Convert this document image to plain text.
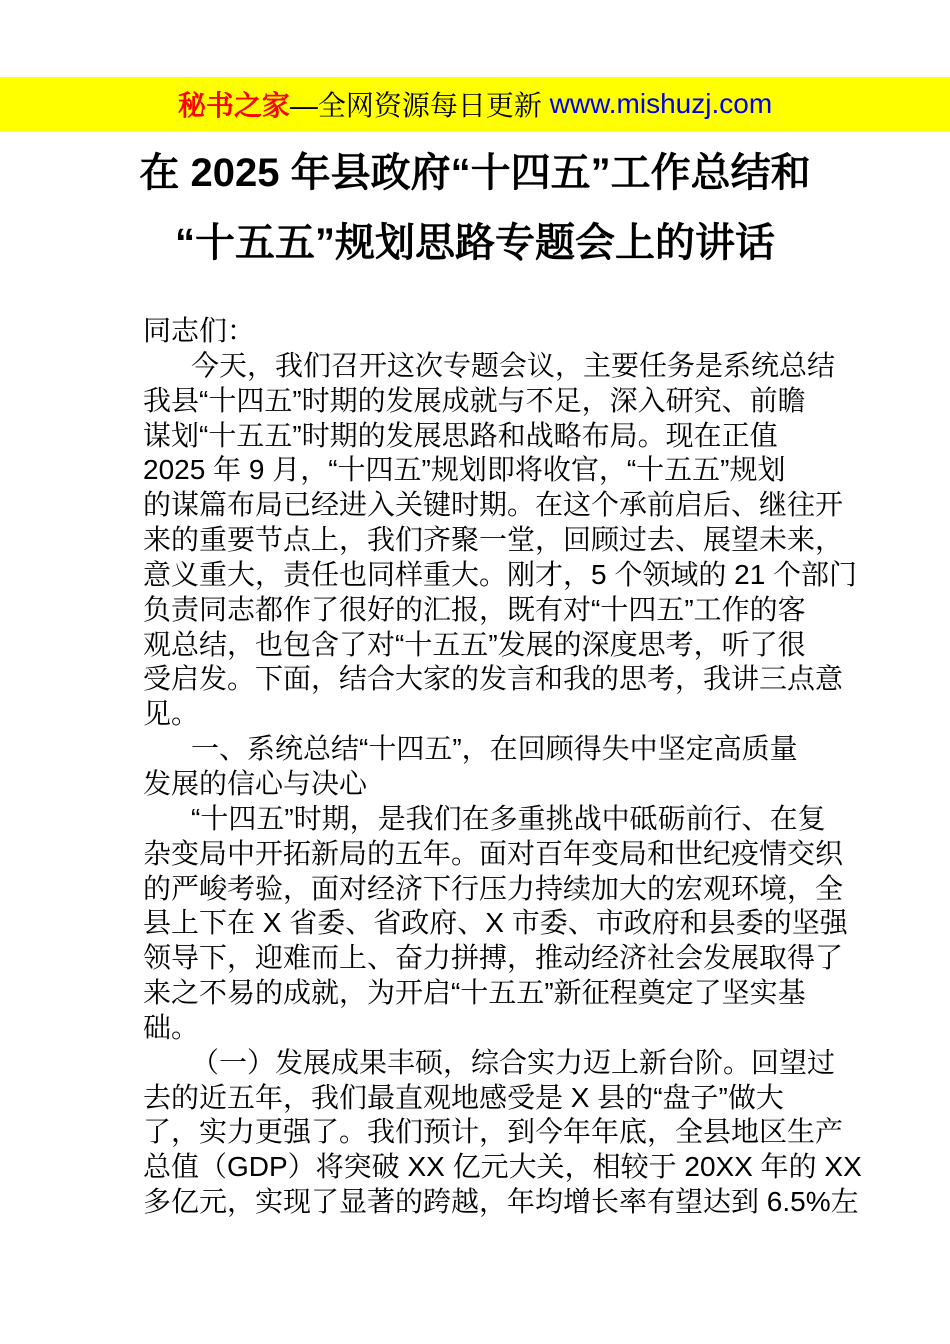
秘书之家 —全网资源每日更新 www.mishuzj.com
在 2025 年县政府“十四五”工作总结和
“十五五”规划思路专题会上的讲话
同志们：
今天，我们召开这次专题会议，主要任务是系统总结
我县“十四五”时期的发展成就与不足，深入研究、前瞻
谋划“十五五”时期的发展思路和战略布局。现在正值
2025 年 9 月，“十四五”规划即将收官，“十五五”规划
的谋篇布局已经进入关键时期。在这个承前启后、继往开
来的重要节点上，我们齐聚一堂，回顾过去、展望未来，
意义重大，责任也同样重大。刚才，5 个领域的 21 个部门
负责同志都作了很好的汇报，既有对“十四五”工作的客
观总结，也包含了对“十五五”发展的深度思考，听了很
受启发。下面，结合大家的发言和我的思考，我讲三点意
见。
一、系统总结“十四五”，在回顾得失中坚定高质量
发展的信心与决心
“十四五”时期，是我们在多重挑战中砥砺前行、在复
杂变局中开拓新局的五年。面对百年变局和世纪疫情交织
的严峻考验，面对经济下行压力持续加大的宏观环境，全
县上下在 X 省委、省政府、X 市委、市政府和县委的坚强
领导下，迎难而上、奋力拼搏，推动经济社会发展取得了
来之不易的成就，为开启“十五五”新征程奠定了坚实基
础。
（一）发展成果丰硕，综合实力迈上新台阶。回望过
去的近五年，我们最直观地感受是 X 县的“盘子”做大
了，实力更强了。我们预计，到今年年底，全县地区生产
总值（GDP）将突破 XX 亿元大关，相较于 20XX 年的 XX
多亿元，实现了显著的跨越，年均增长率有望达到 6.5%左
